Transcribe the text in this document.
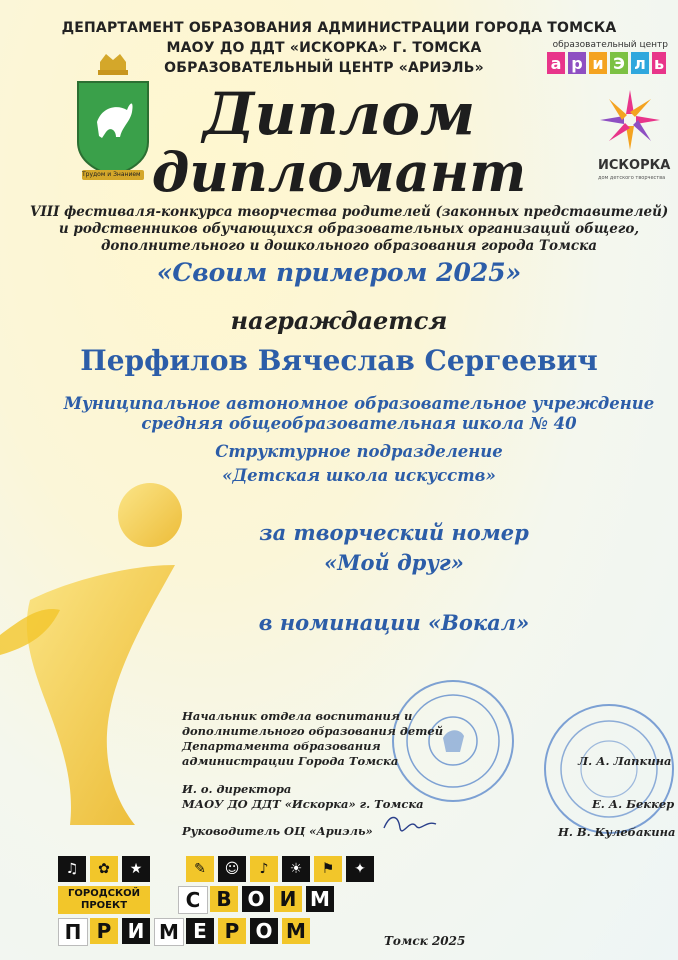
ДЕПАРТАМЕНТ ОБРАЗОВАНИЯ АДМИНИСТРАЦИИ ГОРОДА ТОМСКА
МАОУ ДО ДДТ «ИСКОРКА» Г. ТОМСКА
ОБРАЗОВАТЕЛЬНЫЙ ЦЕНТР «АРИЭЛЬ»
Трудом и Знанием
образовательный центр
а р и Э л ь
ИСКОРКА
дом детского творчества
Диплом
дипломант
VIII фестиваля-конкурса творчества родителей (законных представителей)
и родственников обучающихся образовательных организаций общего,
дополнительного и дошкольного образования города Томска
«Своим примером 2025»
награждается
Перфилов Вячеслав Сергеевич
Муниципальное автономное образовательное учреждение
средняя общеобразовательная школа № 40
Структурное подразделение
«Детская школа искусств»
за творческий номер
«Мой друг»
в номинации «Вокал»
Начальник отдела воспитания и
дополнительного образования детей
Департамента образования
администрации Города Томска	Л. А. Лапкина
И. о. директора
МАОУ ДО ДДТ «Искорка» г. Томска	Е. А. Беккер
Руководитель ОЦ «Ариэль»	Н. В. Кулебакина
♫	✿	★	✎	☺	♪	☀	⚑	✦
ГОРОДСКОЙ
ПРОЕКТ	С В О И М
П Р И М Е Р О М	Томск 2025
